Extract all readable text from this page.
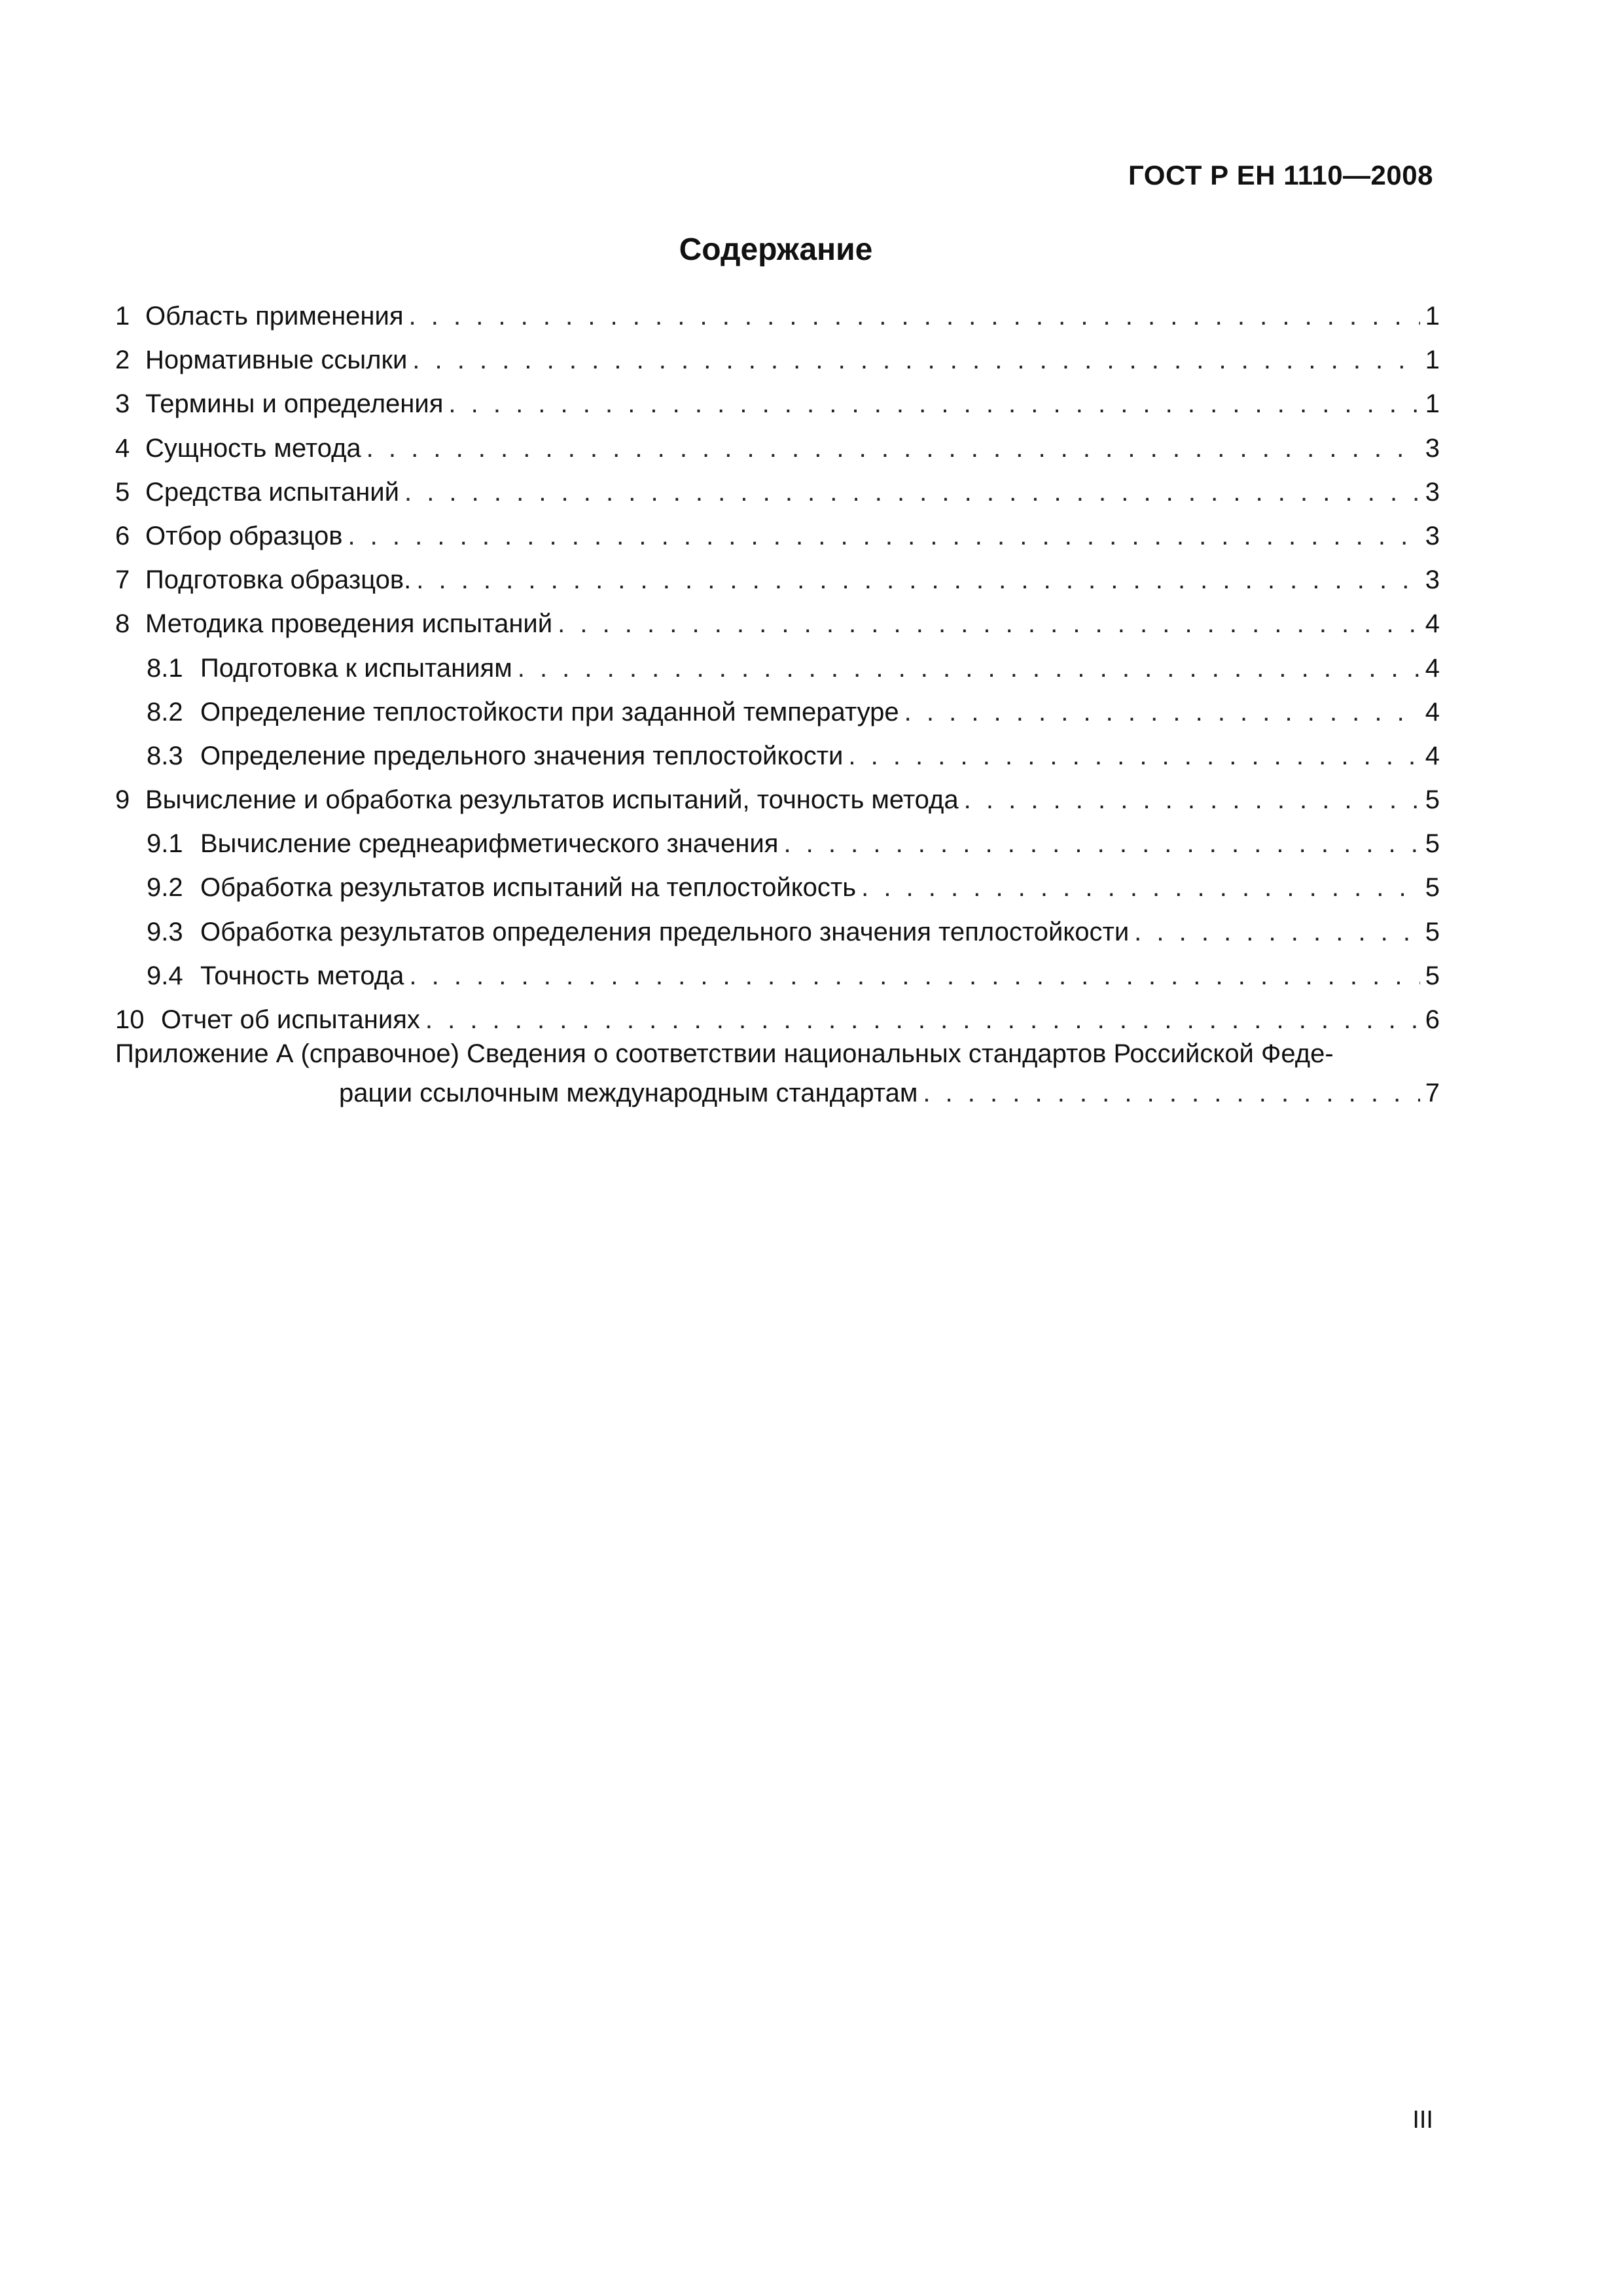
ГОСТ Р ЕН 1110—2008
Содержание
1 Область применения . . .	1
2 Нормативные ссылки . . .	1
3 Термины и определения . . .	1
4 Сущность метода . . .	3
5 Средства испытаний . . .	3
6 Отбор образцов . . .	3
7 Подготовка образцов. . . .	3
8 Методика проведения испытаний . . .	4
8.1 Подготовка к испытаниям . . .	4
8.2 Определение теплостойкости при заданной температуре . . .	4
8.3 Определение предельного значения теплостойкости . . .	4
9 Вычисление и обработка результатов испытаний, точность метода . . .	5
9.1 Вычисление среднеарифметического значения . . .	5
9.2 Обработка результатов испытаний на теплостойкость . . .	5
9.3 Обработка результатов определения предельного значения теплостойкости . . .	5
9.4 Точность метода . . .	5
10 Отчет об испытаниях . . .	6
Приложение А (справочное) Сведения о соответствии национальных стандартов Российской Феде-
рации ссылочным международным стандартам . . .	7
III
